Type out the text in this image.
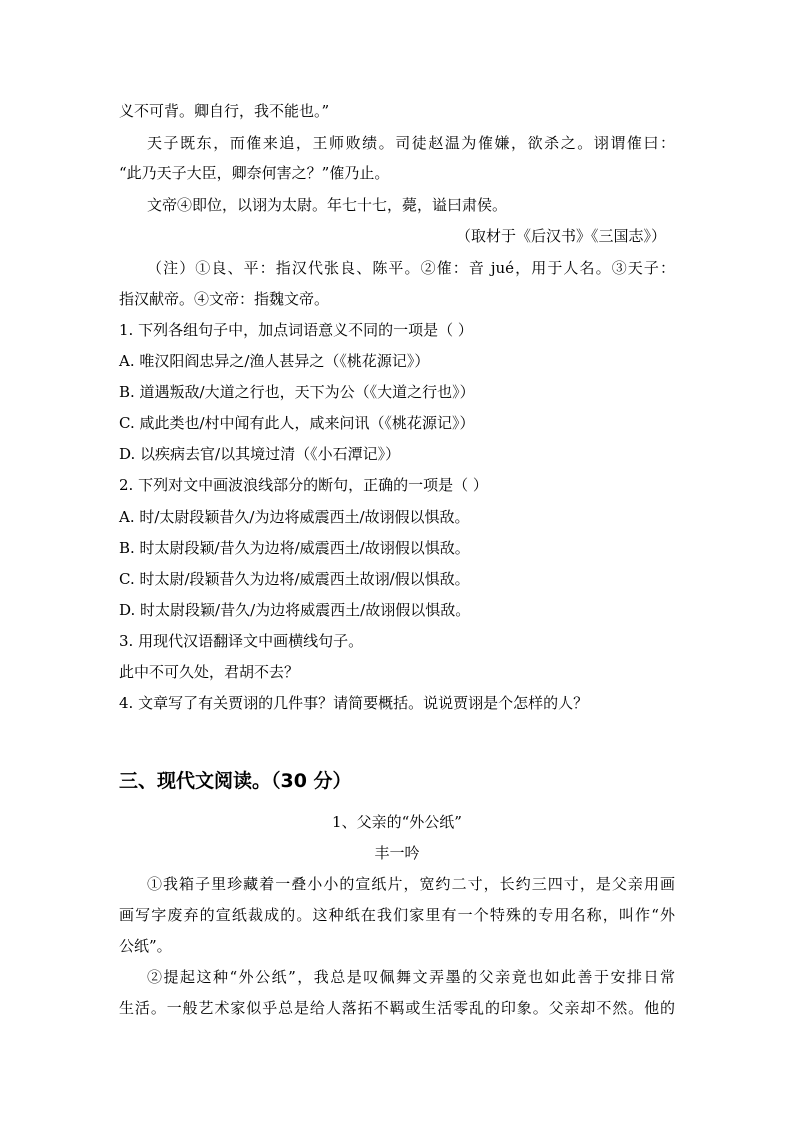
义不可背。卿自行，我不能也。”
天子既东，而傕来追，王师败绩。司徒赵温为傕嫌，欲杀之。诩谓傕曰：
“此乃天子大臣，卿奈何害之？”傕乃止。
文帝④即位，以诩为太尉。年七十七，薨，谥曰肃侯。
（取材于《后汉书》《三国志》）
（注）①良、平：指汉代张良、陈平。②傕：音 jué，用于人名。③天子：
指汉献帝。④文帝：指魏文帝。
1. 下列各组句子中，加点词语意义不同的一项是（ ）
A. 唯汉阳阎忠异之/渔人甚异之（《桃花源记》）
B. 道遇叛敌/大道之行也，天下为公（《大道之行也》）
C. 咸此类也/村中闻有此人，咸来问讯（《桃花源记》）
D. 以疾病去官/以其境过清（《小石潭记》）
2. 下列对文中画波浪线部分的断句，正确的一项是（ ）
A. 时/太尉段颖昔久/为边将威震西土/故诩假以惧敌。
B. 时太尉段颖/昔久为边将/威震西土/故诩假以惧敌。
C. 时太尉/段颖昔久为边将/威震西土故诩/假以惧敌。
D. 时太尉段颖/昔久/为边将威震西土/故诩假以惧敌。
3. 用现代汉语翻译文中画横线句子。
此中不可久处，君胡不去？
4. 文章写了有关贾诩的几件事？请简要概括。说说贾诩是个怎样的人？
三、现代文阅读。（30 分）
1、父亲的“外公纸”
丰一吟
①我箱子里珍藏着一叠小小的宣纸片，宽约二寸，长约三四寸，是父亲用画
画写字废弃的宣纸裁成的。这种纸在我们家里有一个特殊的专用名称，叫作“外
公纸”。
②提起这种“外公纸”，我总是叹佩舞文弄墨的父亲竟也如此善于安排日常
生活。一般艺术家似乎总是给人落拓不羁或生活零乱的印象。父亲却不然。他的
